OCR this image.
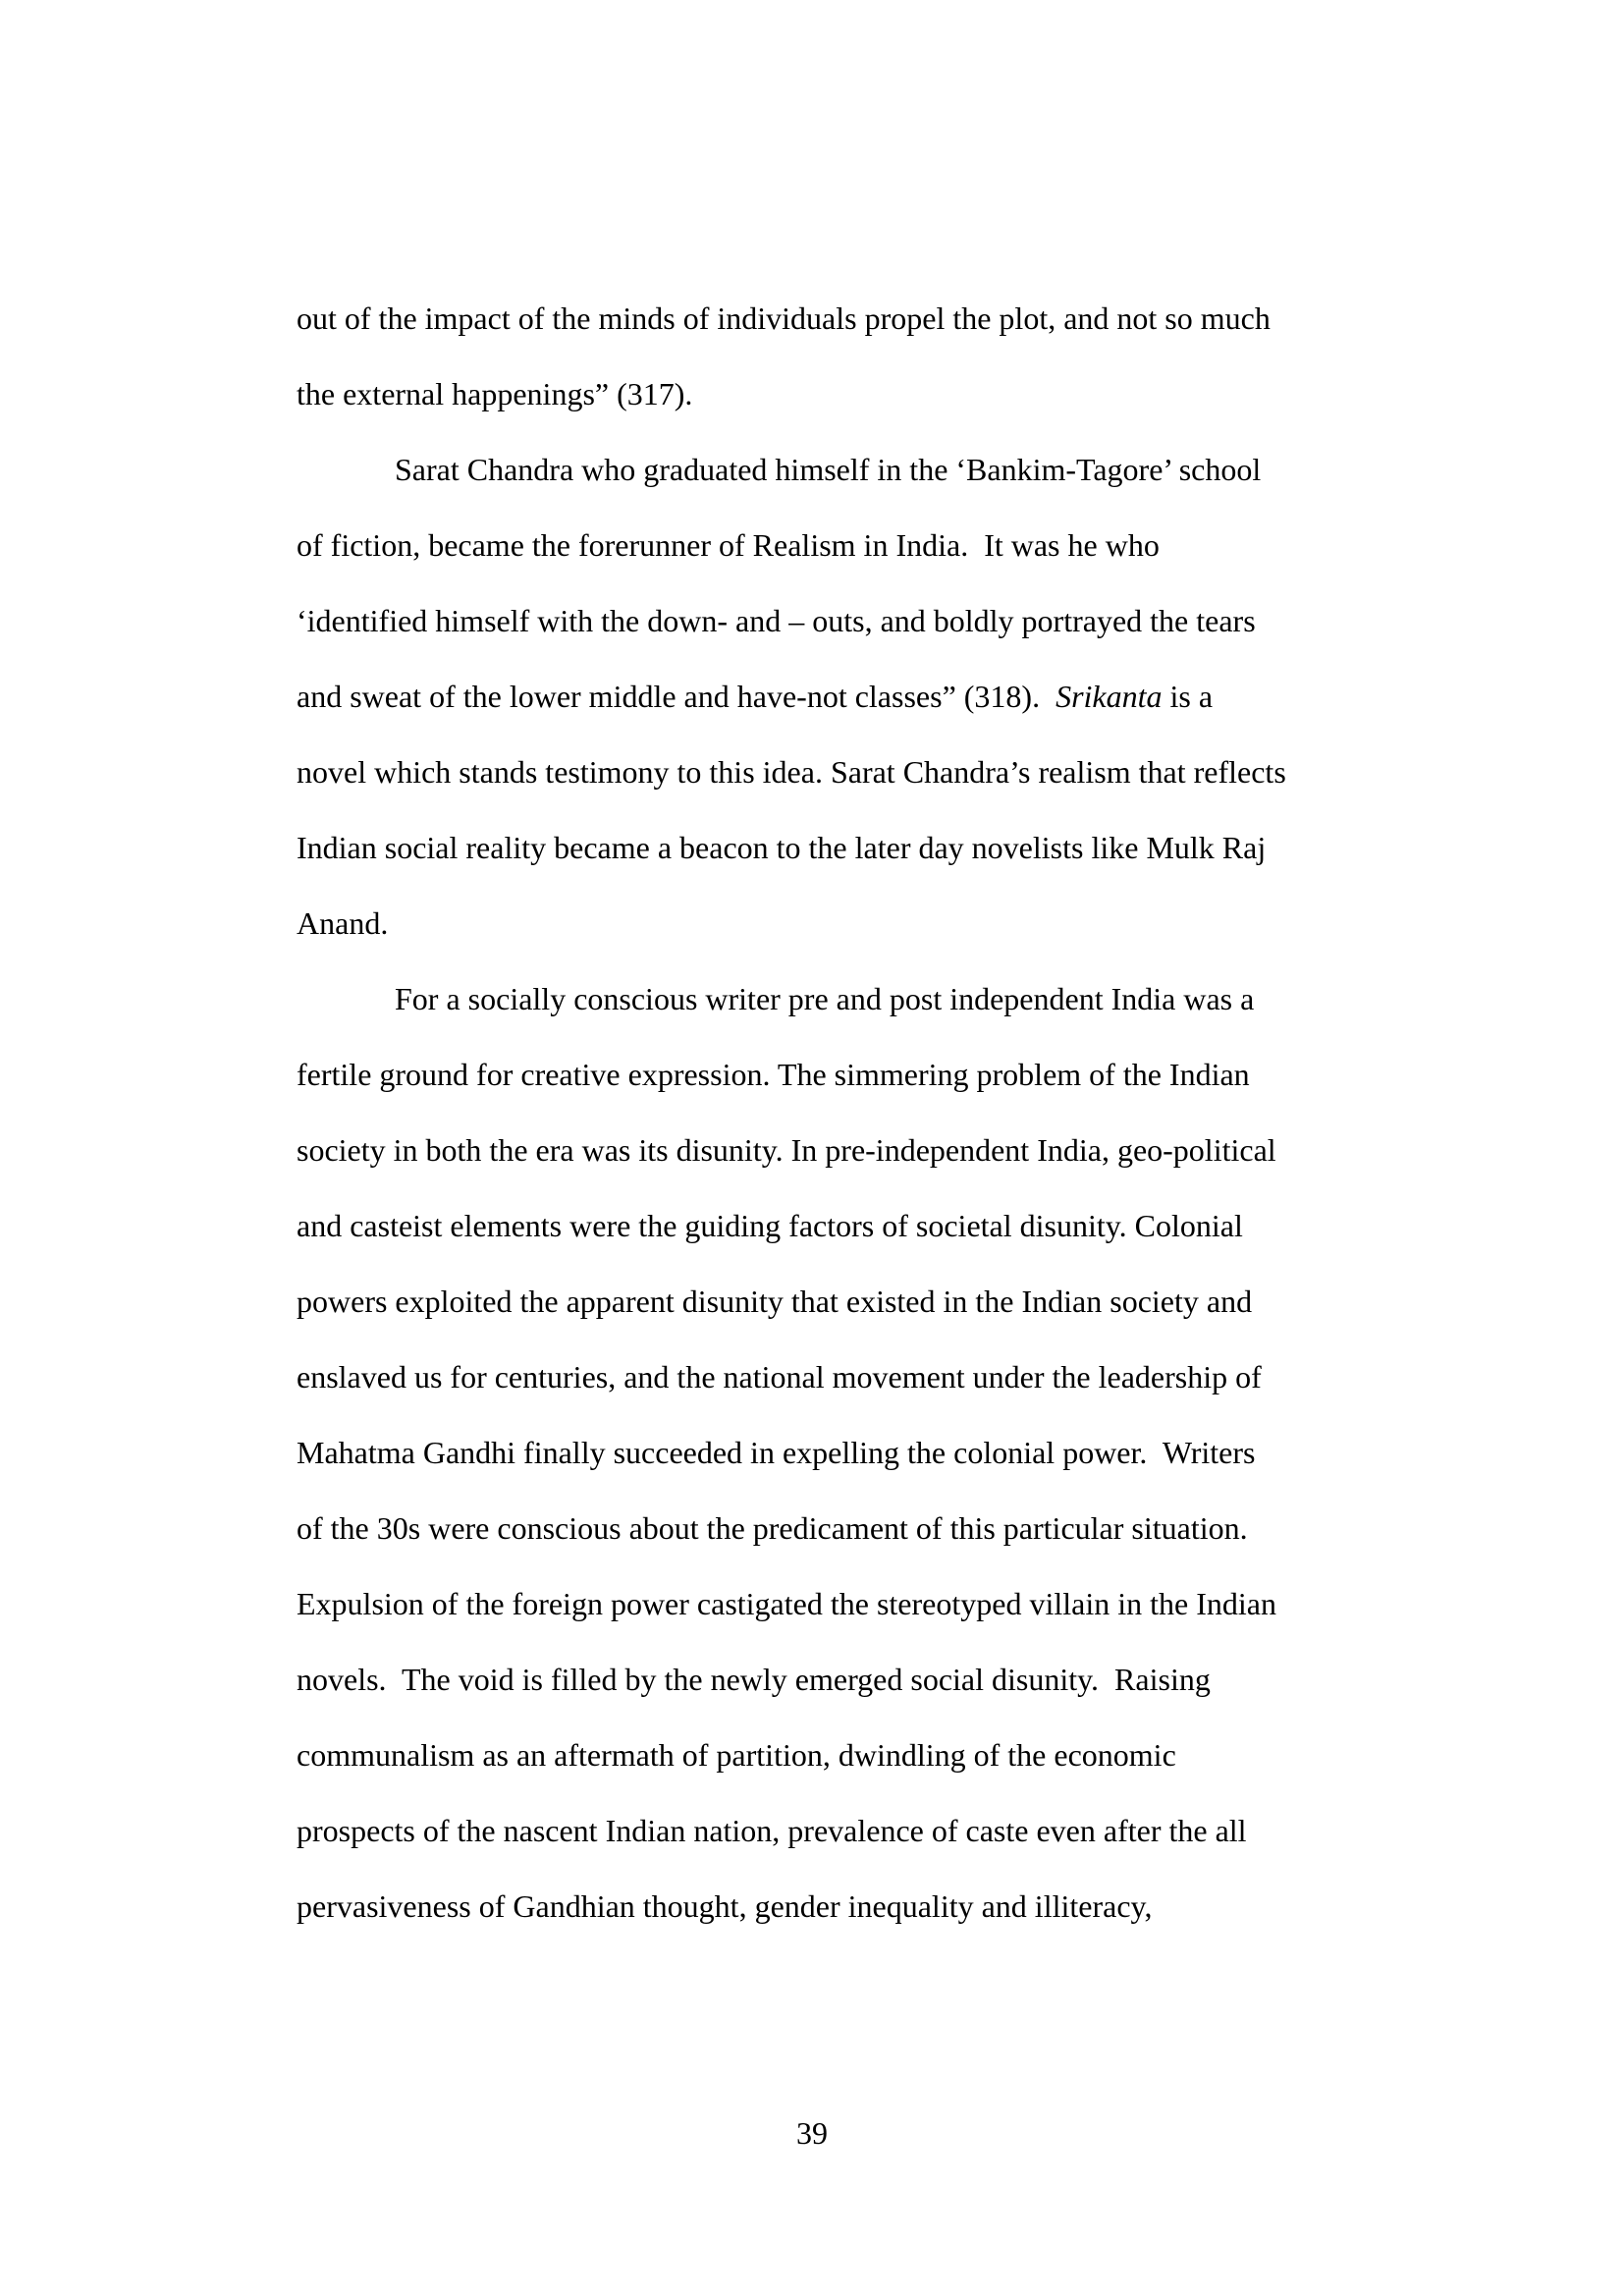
out of the impact of the minds of individuals propel the plot, and not so much
the external happenings” (317).
Sarat Chandra who graduated himself in the ‘Bankim-Tagore’ school
of fiction, became the forerunner of Realism in India.  It was he who
‘identified himself with the down- and – outs, and boldly portrayed the tears
and sweat of the lower middle and have-not classes” (318).  Srikanta is a
novel which stands testimony to this idea. Sarat Chandra’s realism that reflects
Indian social reality became a beacon to the later day novelists like Mulk Raj
Anand.
For a socially conscious writer pre and post independent India was a
fertile ground for creative expression. The simmering problem of the Indian
society in both the era was its disunity. In pre-independent India, geo-political
and casteist elements were the guiding factors of societal disunity. Colonial
powers exploited the apparent disunity that existed in the Indian society and
enslaved us for centuries, and the national movement under the leadership of
Mahatma Gandhi finally succeeded in expelling the colonial power.  Writers
of the 30s were conscious about the predicament of this particular situation.
Expulsion of the foreign power castigated the stereotyped villain in the Indian
novels.  The void is filled by the newly emerged social disunity.  Raising
communalism as an aftermath of partition, dwindling of the economic
prospects of the nascent Indian nation, prevalence of caste even after the all
pervasiveness of Gandhian thought, gender inequality and illiteracy,
39
